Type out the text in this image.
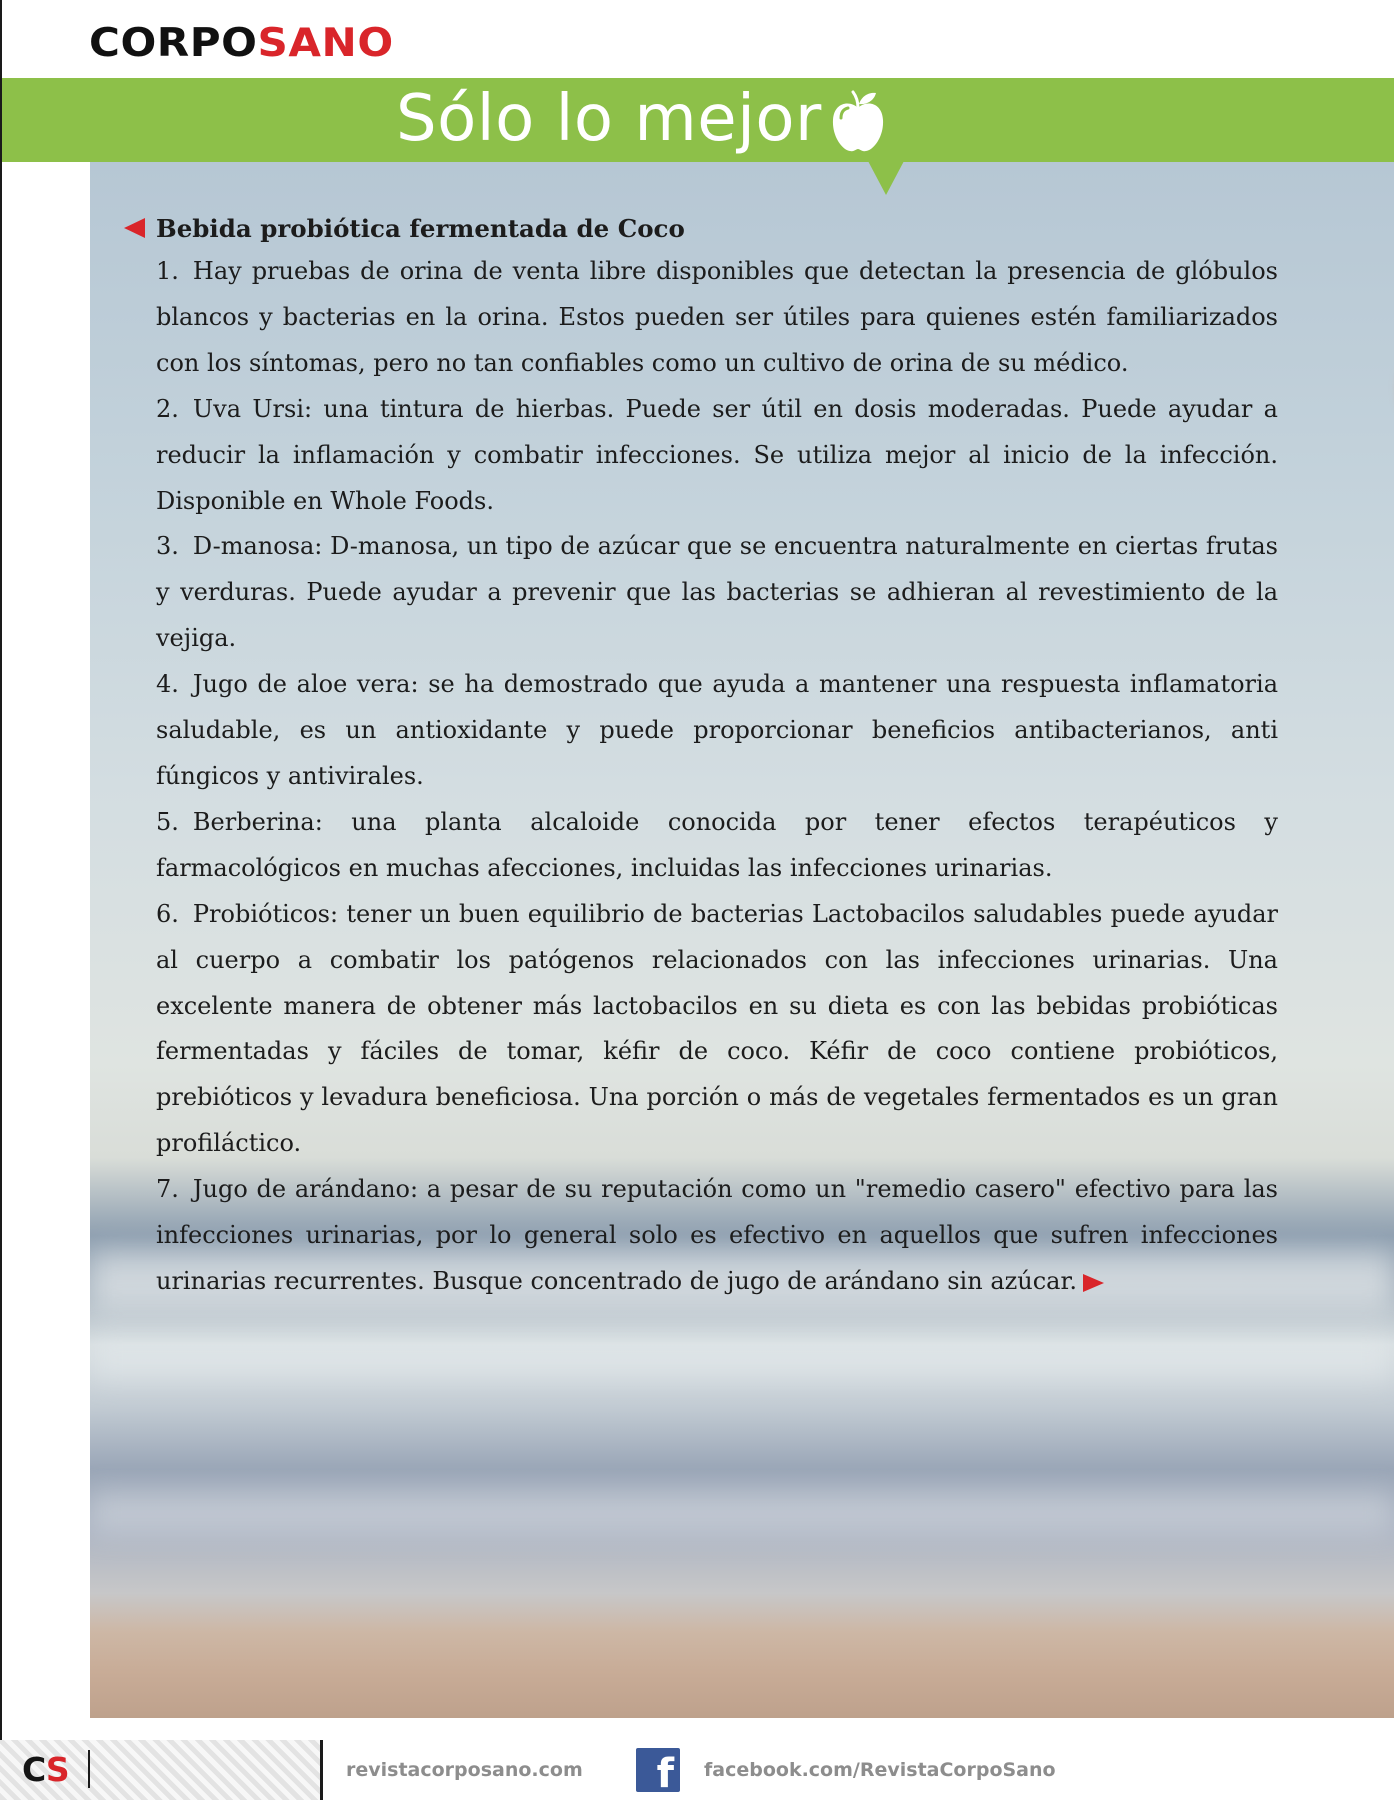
CORPO SANO
Sólo lo mejor
Bebida probiótica fermentada de Coco
1. Hay pruebas de orina de venta libre disponibles que detectan la presencia de glóbulos blancos y bacterias en la orina. Estos pueden ser útiles para quienes estén familiarizados con los síntomas, pero no tan confiables como un cultivo de orina de su médico.
2. Uva Ursi: una tintura de hierbas. Puede ser útil en dosis moderadas. Puede ayudar a reducir la inflamación y combatir infecciones. Se utiliza mejor al inicio de la infección. Disponible en Whole Foods.
3. D-manosa: D-manosa, un tipo de azúcar que se encuentra naturalmente en ciertas frutas y verduras. Puede ayudar a prevenir que las bacterias se adhieran al revestimiento de la vejiga.
4. Jugo de aloe vera: se ha demostrado que ayuda a mantener una respuesta inflamatoria saludable, es un antioxidante y puede proporcionar beneficios antibacterianos, anti fúngicos y antivirales.
5. Berberina: una planta alcaloide conocida por tener efectos terapéuticos y farmacológicos en muchas afecciones, incluidas las infecciones urinarias.
6. Probióticos: tener un buen equilibrio de bacterias Lactobacilos saludables puede ayudar al cuerpo a combatir los patógenos relacionados con las infecciones urinarias. Una excelente manera de obtener más lactobacilos en su dieta es con las bebidas probióticas fermentadas y fáciles de tomar, kéfir de coco. Kéfir de coco contiene probióticos, prebióticos y levadura beneficiosa. Una porción o más de vegetales fermentados es un gran profiláctico.
7. Jugo de arándano: a pesar de su reputación como un "remedio casero" efectivo para las infecciones urinarias, por lo general solo es efectivo en aquellos que sufren infecciones urinarias recurrentes. Busque concentrado de jugo de arándano sin azúcar.
CS	revistacorposano.com	f	facebook.com/RevistaCorpoSano
